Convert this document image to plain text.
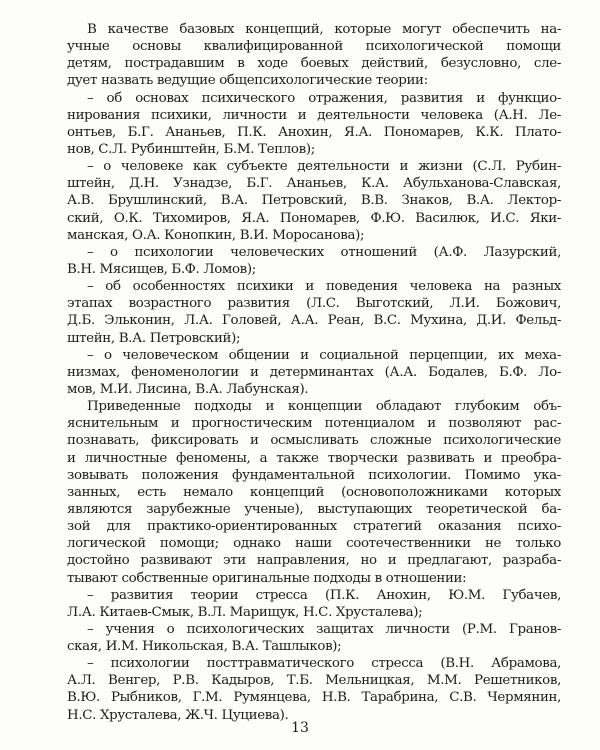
В качестве базовых концепций, которые могут обеспечить на-
учные основы квалифицированной психологической помощи
детям, пострадавшим в ходе боевых действий, безусловно, сле-
дует назвать ведущие общепсихологические теории:
– об основах психического отражения, развития и функцио-
нирования психики, личности и деятельности человека (А.Н. Ле-
онтьев, Б.Г. Ананьев, П.К. Анохин, Я.А. Пономарев, К.К. Плато-
нов, С.Л. Рубинштейн, Б.М. Теплов);
– о человеке как субъекте деятельности и жизни (С.Л. Рубин-
штейн, Д.Н. Узнадзе, Б.Г. Ананьев, К.А. Абульханова-Славская,
А.В. Брушлинский, В.А. Петровский, В.В. Знаков, В.А. Лектор-
ский, О.К. Тихомиров, Я.А. Пономарев, Ф.Ю. Василюк, И.С. Яки-
манская, О.А. Конопкин, В.И. Моросанова);
– о психологии человеческих отношений (А.Ф. Лазурский,
В.Н. Мясищев, Б.Ф. Ломов);
– об особенностях психики и поведения человека на разных
этапах возрастного развития (Л.С. Выготский, Л.И. Божович,
Д.Б. Эльконин, Л.А. Головей, А.А. Реан, В.С. Мухина, Д.И. Фельд-
штейн, В.А. Петровский);
– о человеческом общении и социальной перцепции, их меха-
низмах, феноменологии и детерминантах (А.А. Бодалев, Б.Ф. Ло-
мов, М.И. Лисина, В.А. Лабунская).
Приведенные подходы и концепции обладают глубоким объ-
яснительным и прогностическим потенциалом и позволяют рас-
познавать, фиксировать и осмысливать сложные психологические
и личностные феномены, а также творчески развивать и преобра-
зовывать положения фундаментальной психологии. Помимо ука-
занных, есть немало концепций (основоположниками которых
являются зарубежные ученые), выступающих теоретической ба-
зой для практико-ориентированных стратегий оказания психо-
логической помощи; однако наши соотечественники не только
достойно развивают эти направления, но и предлагают, разраба-
тывают собственные оригинальные подходы в отношении:
– развития теории стресса (П.К. Анохин, Ю.М. Губачев,
Л.А. Китаев-Смык, В.Л. Марищук, Н.С. Хрусталева);
– учения о психологических защитах личности (Р.М. Гранов-
ская, И.М. Никольская, В.А. Ташлыков);
– психологии посттравматического стресса (В.Н. Абрамова,
А.Л. Венгер, Р.В. Кадыров, Т.Б. Мельницкая, М.М. Решетников,
В.Ю. Рыбников, Г.М. Румянцева, Н.В. Тарабрина, С.В. Чермянин,
Н.С. Хрусталева, Ж.Ч. Цуциева).
13
